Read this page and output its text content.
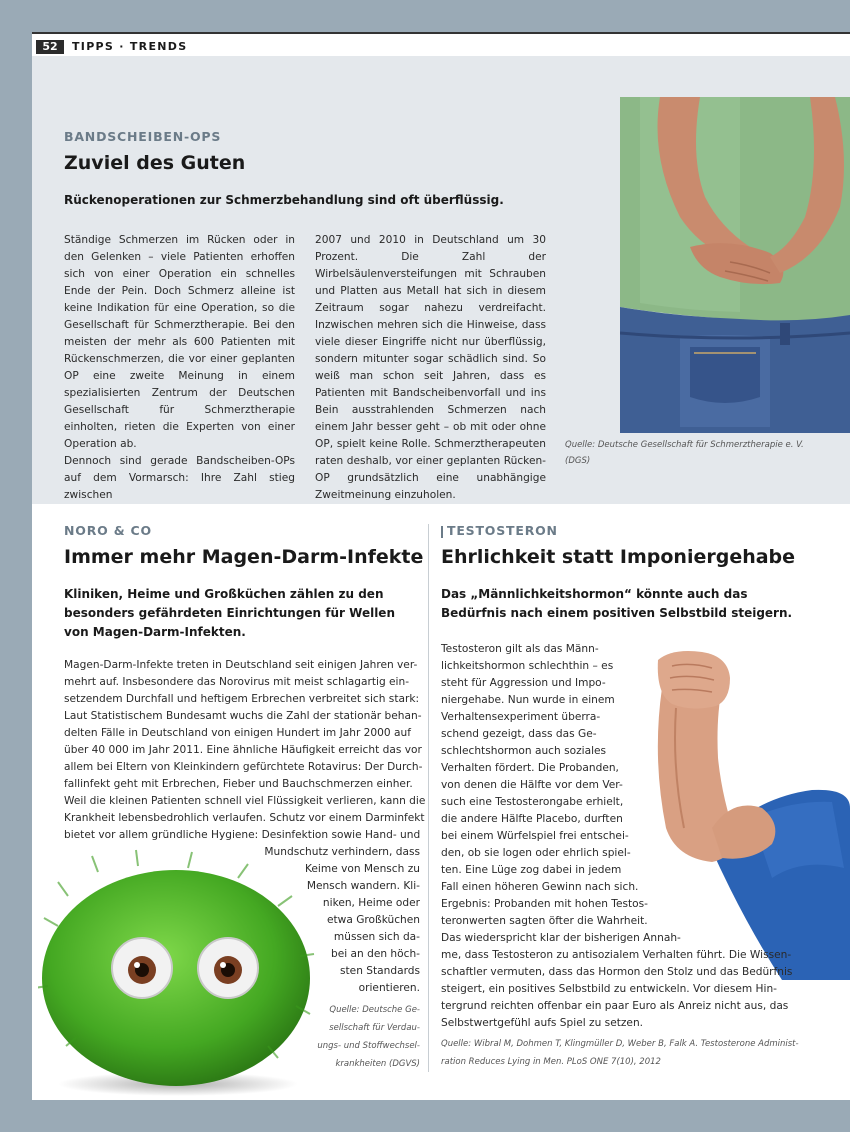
52	TIPPS · TRENDS
BANDSCHEIBEN-OPS
Zuviel des Guten
Rückenoperationen zur Schmerzbehandlung sind oft überflüssig.

Ständige Schmerzen im Rücken oder in den Gelenken – viele Patienten erhoffen sich von einer Operation ein schnelles Ende der Pein. Doch Schmerz alleine ist keine Indikation für eine Operation, so die Gesellschaft für Schmerztherapie. Bei den meisten der mehr als 600 Patienten mit Rückenschmerzen, die vor einer geplanten OP eine zweite Meinung in einem spezialisierten Zentrum der Deutschen Gesellschaft für Schmerztherapie einholten, rieten die Experten von einer Operation ab.

Dennoch sind gerade Bandscheiben-OPs auf dem Vormarsch: Ihre Zahl stieg zwischen

2007 und 2010 in Deutschland um 30 Prozent. Die Zahl der Wirbelsäulenversteifungen mit Schrauben und Platten aus Metall hat sich in diesem Zeitraum sogar nahezu verdreifacht. Inzwischen mehren sich die Hinweise, dass viele dieser Eingriffe nicht nur überflüssig, sondern mitunter sogar schädlich sind. So weiß man schon seit Jahren, dass es Patienten mit Bandscheibenvorfall und ins Bein ausstrahlenden Schmerzen nach einem Jahr besser geht – ob mit oder ohne OP, spielt keine Rolle. Schmerztherapeuten raten deshalb, vor einer geplanten Rücken-OP grundsätzlich eine unabhängige Zweitmeinung einzuholen.

Quelle: Deutsche Gesellschaft für Schmerztherapie e. V. (DGS)
NORO & CO
Immer mehr Magen-Darm-Infekte
Kliniken, Heime und Großküchen zählen zu den besonders gefährdeten Einrichtungen für Wellen von Magen-Darm-Infekten.
Magen-Darm-Infekte treten in Deutschland seit einigen Jahren ver-
mehrt auf. Insbesondere das Norovirus mit meist schlagartig ein-
setzendem Durchfall und heftigem Erbrechen verbreitet sich stark:
Laut Statistischem Bundesamt wuchs die Zahl der stationär behan-
delten Fälle in Deutschland von einigen Hundert im Jahr 2000 auf
über 40 000 im Jahr 2011. Eine ähnliche Häufigkeit erreicht das vor
allem bei Eltern von Kleinkindern gefürchtete Rotavirus: Der Durch-
fallinfekt geht mit Erbrechen, Fieber und Bauchschmerzen einher.
Weil die kleinen Patienten schnell viel Flüssigkeit verlieren, kann die
Krankheit lebensbedrohlich verlaufen. Schutz vor einem Darminfekt
bietet vor allem gründliche Hygiene: Desinfektion sowie Hand- und
Mundschutz verhindern, dass
Keime von Mensch zu
Mensch wandern. Kli-
niken, Heime oder
etwa Großküchen
müssen sich da-
bei an den höch-
sten Standards
orientieren.
Quelle: Deutsche Ge-
sellschaft für Verdau-
ungs- und Stoffwechsel-
krankheiten (DGVS)
TESTOSTERON
Ehrlichkeit statt Imponiergehabe
Das „Männlichkeitshormon“ könnte auch das Bedürfnis nach einem positiven Selbstbild steigern.
Testosteron gilt als das Männ-
lichkeitshormon schlechthin – es
steht für Aggression und Impo-
niergehabe. Nun wurde in einem
Verhaltensexperiment überra-
schend gezeigt, dass das Ge-
schlechtshormon auch soziales
Verhalten fördert. Die Probanden,
von denen die Hälfte vor dem Ver-
such eine Testosterongabe erhielt,
die andere Hälfte Placebo, durften
bei einem Würfelspiel frei entschei-
den, ob sie logen oder ehrlich spiel-
ten. Eine Lüge zog dabei in jedem
Fall einen höheren Gewinn nach sich.
Ergebnis: Probanden mit hohen Testos-
teronwerten sagten öfter die Wahrheit.
Das wiederspricht klar der bisherigen Annah-
me, dass Testosteron zu antisozialem Verhalten führt. Die Wissen-
schaftler vermuten, dass das Hormon den Stolz und das Bedürfnis
steigert, ein positives Selbstbild zu entwickeln. Vor diesem Hin-
tergrund reichten offenbar ein paar Euro als Anreiz nicht aus, das
Selbstwertgefühl aufs Spiel zu setzen.
Quelle: Wibral M, Dohmen T, Klingmüller D, Weber B, Falk A. Testosterone Administ-
ration Reduces Lying in Men. PLoS ONE 7(10), 2012
